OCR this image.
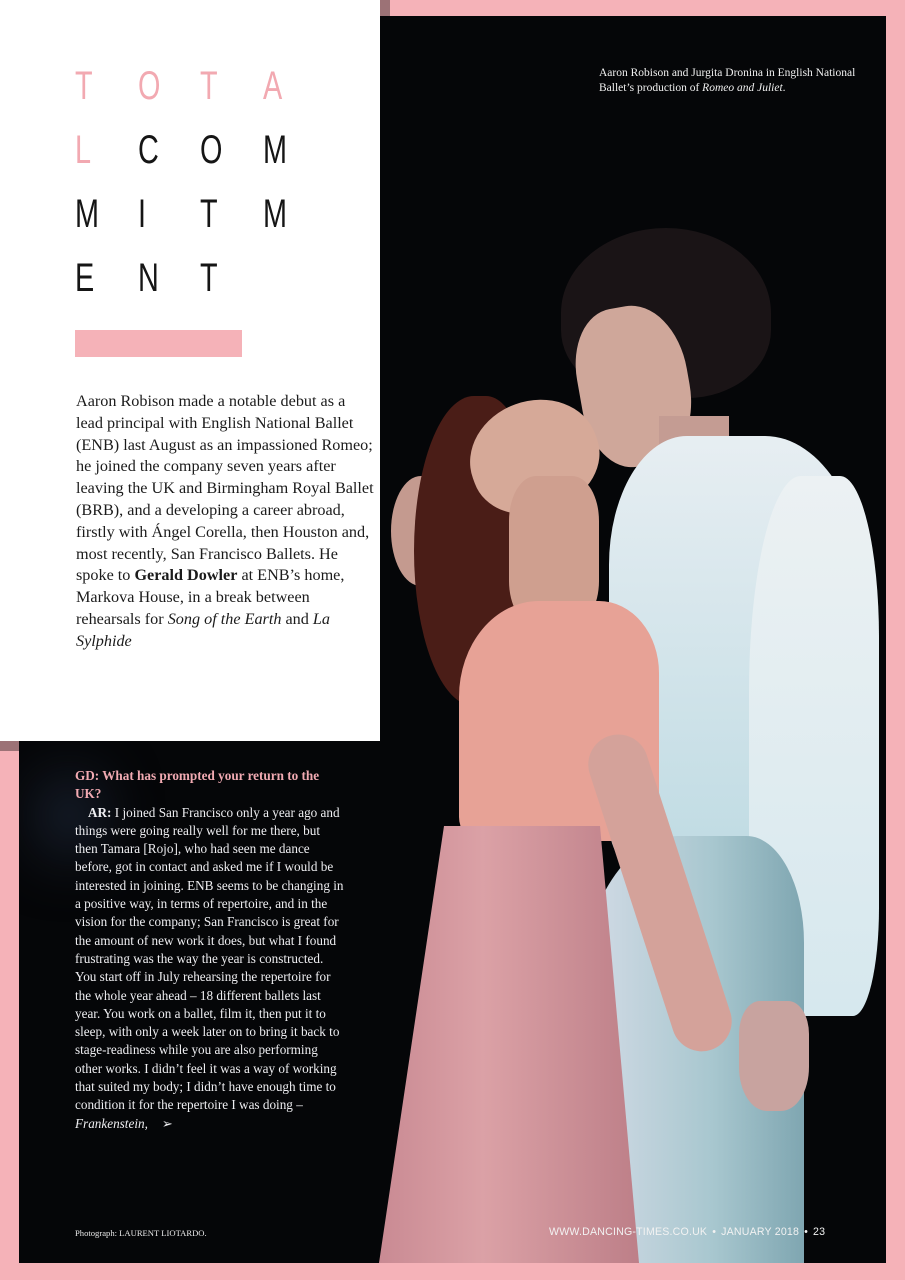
T	O	T	A
L	C	O	M
M I	T	M
E	N	T
Aaron Robison made a notable debut as a lead principal with English National Ballet (ENB) last August as an impassioned Romeo; he joined the company seven years after leaving the UK and Birmingham Royal Ballet (BRB), and a developing a career abroad, firstly with Ángel Corella, then Houston and, most recently, San Francisco Ballets. He spoke to Gerald Dowler at ENB’s home, Markova House, in a break between rehearsals for Song of the Earth and La Sylphide
Aaron Robison and Jurgita Dronina in English National Ballet’s production of Romeo and Juliet.
GD: What has prompted your return to the UK?
AR: I joined San Francisco only a year ago and things were going really well for me there, but then Tamara [Rojo], who had seen me dance before, got in contact and asked me if I would be interested in joining. ENB seems to be changing in a positive way, in terms of repertoire, and in the vision for the company; San Francisco is great for the amount of new work it does, but what I found frustrating was the way the year is constructed. You start off in July rehearsing the repertoire for the whole year ahead – 18 different ballets last year. You work on a ballet, film it, then put it to sleep, with only a week later on to bring it back to stage-readiness while you are also performing other works. I didn’t feel it was a way of working that suited my body; I didn’t have enough time to condition it for the repertoire I was doing – Frankenstein, ➢
Photograph: LAURENT LIOTARDO.	WWW.DANCING-TIMES.CO.UK • JANUARY 2018 • 23
